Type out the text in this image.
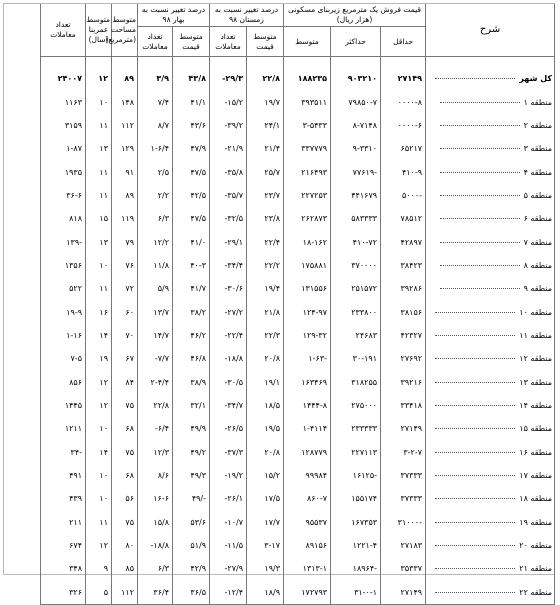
شرح	قیمت فروش یک مترمربع زیربنای مسکونی (هزار ریال)			درصد تغییر نسبت به زمستان ۹۸		درصد تغییر نسبت به بهار ۹۸		متوسط مساحت (مترمربع)	متوسط عمربنا (سال)	تعداد معاملات
	حداقل	حداکثر	متوسط	متوسط قیمت	تعداد معاملات	متوسط قیمت	تعداد معاملات			

کل شهر	۲۷۱۴۹	۹۰۳۲۱۰	۱۸۸۲۳۵	۲۲/۸	-۲۹/۳	۴۳/۸	۳/۹	۸۹	۱۲	۲۴۰۰۷
منطقه ۱	۰۰۰۰-۸	۷۹۸۵۰-۷	۳۹۳۵۱۱	۱۹/۷	-۱۵/۲	۴۱/۱	۷/۴	۱۴۸	۱۰	۱۱۶۳
منطقه ۲	۰۰۰۰-۶	۸-۷۱۴۸	۳-۵۴۳۳	۲۴/۱	-۳۹/۲	۴۳/۶	۸/۷	۱۱۲	۱۱	۳۱۵۹
منطقه ۳	۶۵۲۱۷	۹-۳۳۱۰	۳۳۷۷۷۹	۲۱/۴	-۲۱/۹	۴۷/۹	۱-۶/۴	۱۲۹	۱۳	۱-۸۷
منطقه ۴	۴۱۰-۹	۷۷۶۱۹-	۲۱۶۴۹۳	۲۵/۷	-۳۵/۸	۴۷/۵	۲/۵	۹۱	۱۱	۱۹۳۵
منطقه ۵	۵۰۰۰-	۴۴۱۶۷۹	۲۲۷۲۵۳	۲۳/۷	-۳۵/۷	۴۲/۵	۲/۲	۸۹	۱۱	۳۶-۶
منطقه ۶	۷۸۵۱۲	۵۸۳۳۳۳	۲۶۲۸۷۳	۲۳/۸	-۳۲/۵	۴۷/۵	۶/۳	۱۱۹	۱۵	۸۱۸
منطقه ۷	۴۲۸۹۷	۴۱۰-۷۲	۱۸-۱۶۲	۲۲/۴	-۲۹/۱	۴۱/۰	۱۲/۲	۷۹	۱۳	۱۳۹-
منطقه ۸	۳۸۴۲۳	۳۷۰۰۰۰	۱۷۵۸۸۱	۲۲/۲	-۳۴/۴	۴۰-۳	۱۱/۸	۷۶	۱۰	۱۳۵۶
منطقه ۹	۳۹۲۸۶	۲۵۱۵۷۲	۱۳۱۵۵۶	۱۹/۴	-۳۰/۶	۴۱/۷	۵/۹	۷۲	۱۱	۵۲۲
منطقه ۱۰	۳۸۱۵۶	۲۳۳۸۰۰	۱۲۴-۹۷	۲۱/۸	-۲۷/۲	۳۸/۲	۱۳/۷	۶۰	۱۶	۱۹-۹
منطقه ۱۱	۴۲۳۲۷	۲۴۶۸۳	۱۲۹-۳۲	۲۲/۳	-۲۲/۴	۴۶/۲	۱۴/۷	۷۰	۱۴	۱-۱۶
منطقه ۱۲	۲۷۶۹۲	۳۰-۱۹۱	۱-۶۳-	۲۰/۸	-۱۸/۸	۴۶/۸	-۷/۷	۶۷	۱۹	۷-۵
منطقه ۱۳	۳۹۲۱۶	۳۱۸۲۵۵	۱۶۳۴۶۹	۱۹/۱	-۳۰/۵	۳۸/۹	۲-۴/۴	۸۴	۱۲	۸۵۶
منطقه ۱۴	۳۳۴۱۸	۲۷۵۰۰۰	۱۴۴۴-۸	۱۸/۵	-۳۴/۷	۳۲/۱	۲۲/۸	۷۵	۱۲	۱۴۴۵
منطقه ۱۵	۲۷۱۴۹	۲۳۳۳۳۳	۱-۴۱۱۴	۱۹/۵	-۲۶/۵	۴۹/۹	-۶/۴	۶۸	۱۰	۱۲۱۱
منطقه ۱۶	۳-۲-۷	۲۲۷۱۱۳	۱۲۸۷۷۹	۲۰/۸	-۳۷/۳	۴۹/۲	۱۲/۳	۷۵	۱۴	۳۴-
منطقه ۱۷	۳۷۳۳۳	۱۶۱۲۵-	۹۹۹۸۴	۱۵/۲	-۱۹/۲	۴۹/۳	۸/۶	۶۸	۱۰	۴۹۱
منطقه ۱۸	۳۷۳۳۳	۱۵۵۱۷۴	۸۶۰-۷	۱۷/۵	-۲۶/۱	۴۹/-	۱۶-۶	۵۶	۱۰	۴۳۹
منطقه ۱۹	۳۱۰۰۰-	۱۶۷۳۵۳	۹۵۵۳۷	۱۷/۷	-۱۰/۷	۵۳/۶	۱۵/۸	۷۵	۱۱	۲۱۱
منطقه ۲۰	۲۷۱۸۳	۱۲۲۱-۴	۸۹۱۵۶	۳-۱۷	-۱۱/۵	۵۱/۹	-۱۸/۸	۸۰	۱۲	۶۷۴
منطقه ۲۱	۳۵۳۳۷	۱۸۹۶۴-	۱۳۱۳-۱	۱۹/۳	-۲۷/۹	۴۲/۹	۶/۳	۸۵	۹	۳۴۸
منطقه ۲۲	۲۷۱۴۹	۳۱-۰-۱	۱۷۲۷۹۳	۱۸/۹	-۱۲/۴	۳۶/۵	۳۶/۴	۱۱۲	۵	۳۲۶
